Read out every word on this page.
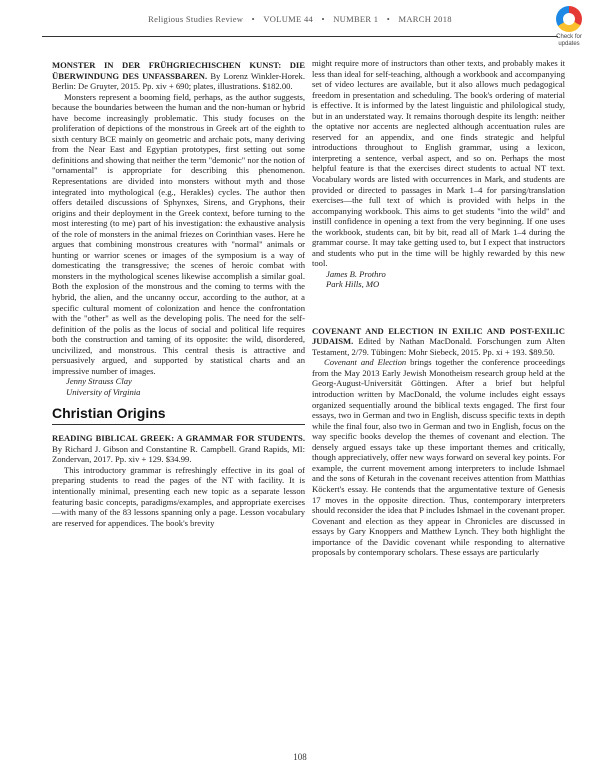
Religious Studies Review • VOLUME 44 • NUMBER 1 • MARCH 2018
Check for
updates

MONSTER IN DER FRÜHGRIECHISCHEN KUNST: DIE ÜBERWINDUNG DES UNFASSBAREN. By Lorenz Winkler-Horek. Berlin: De Gruyter, 2015. Pp. xiv + 690; plates, illustrations. $182.00.

Monsters represent a booming field, perhaps, as the author suggests, because the boundaries between the human and the non-human or hybrid have become increasingly problematic. This study focuses on the proliferation of depictions of the monstrous in Greek art of the eighth to sixth century BCE mainly on geometric and archaic pots, many deriving from the Near East and Egyptian prototypes, first setting out some definitions and showing that neither the term "demonic" nor the notion of "ornamental" is appropriate for describing this phenomenon. Representations are divided into monsters without myth and those integrated into mythological (e.g., Herakles) cycles. The author then offers detailed discussions of Sphynxes, Sirens, and Gryphons, their origins and their deployment in the Greek context, before turning to the most interesting (to me) part of his investigation: the exhaustive analysis of the role of monsters in the animal friezes on Corinthian vases. Here he argues that combining monstrous creatures with "normal" animals or hunting or warrior scenes or images of the symposium is a way of domesticating the transgressive; the scenes of heroic combat with monsters in the mythological scenes likewise accomplish a similar goal. Both the explosion of the monstrous and the coming to terms with the hybrid, the alien, and the uncanny occur, according to the author, at a specific cultural moment of colonization and hence the confrontation with the "other" as well as the developing polis. The need for the self-definition of the polis as the locus of social and political life requires both the construction and taming of its opposite: the wild, disordered, uncivilized, and monstrous. This central thesis is attractive and persuasively argued, and supported by statistical charts and an impressive number of images.

Jenny Strauss Clay
University of Virginia
Christian Origins

READING BIBLICAL GREEK: A GRAMMAR FOR STUDENTS. By Richard J. Gibson and Constantine R. Campbell. Grand Rapids, MI: Zondervan, 2017. Pp. xiv + 129. $34.99.

This introductory grammar is refreshingly effective in its goal of preparing students to read the pages of the NT with facility. It is intentionally minimal, presenting each new topic as a separate lesson featuring basic concepts, paradigms/examples, and appropriate exercises—with many of the 83 lessons spanning only a page. Lesson vocabulary are reserved for appendices. The book's brevity

might require more of instructors than other texts, and probably makes it less than ideal for self-teaching, although a workbook and accompanying set of video lectures are available, but it also allows much pedagogical freedom in presentation and scheduling. The book's ordering of material is effective. It is informed by the latest linguistic and philological study, but in an understated way. It remains thorough despite its length: neither the optative nor accents are neglected although accentuation rules are reserved for an appendix, and one finds strategic and helpful introductions throughout to English grammar, using a lexicon, interpreting a sentence, verbal aspect, and so on. Perhaps the most helpful feature is that the exercises direct students to actual NT text. Vocabulary words are listed with occurrences in Mark, and students are provided or directed to passages in Mark 1–4 for parsing/translation exercises—the full text of which is provided with helps in the accompanying workbook. This aims to get students "into the wild" and instill confidence in opening a text from the very beginning. If one uses the workbook, students can, bit by bit, read all of Mark 1–4 during the grammar course. It may take getting used to, but I expect that instructors and students who put in the time will be highly rewarded by this new tool.

James B. Prothro
Park Hills, MO

COVENANT AND ELECTION IN EXILIC AND POST-EXILIC JUDAISM. Edited by Nathan MacDonald. Forschungen zum Alten Testament, 2/79. Tübingen: Mohr Siebeck, 2015. Pp. xi + 193. $89.50.

Covenant and Election brings together the conference proceedings from the May 2013 Early Jewish Monotheism research group held at the Georg-August-Universität Göttingen. After a brief but helpful introduction written by MacDonald, the volume includes eight essays organized sequentially around the biblical texts engaged. The first four essays, two in German and two in English, discuss specific texts in depth while the final four, also two in German and two in English, focus on the way specific books develop the themes of covenant and election. The densely argued essays take up these important themes and critically, though appreciatively, offer new ways forward on several key points. For example, the current movement among interpreters to include Ishmael and the sons of Keturah in the covenant receives attention from Matthias Köckert's essay. He contends that the argumentative texture of Genesis 17 moves in the opposite direction. Thus, contemporary interpreters should reconsider the idea that P includes Ishmael in the covenant proper. Covenant and election as they appear in Chronicles are discussed in essays by Gary Knoppers and Matthew Lynch. They both highlight the importance of the Davidic covenant while responding to alternative proposals by contemporary scholars. These essays are particularly

108
